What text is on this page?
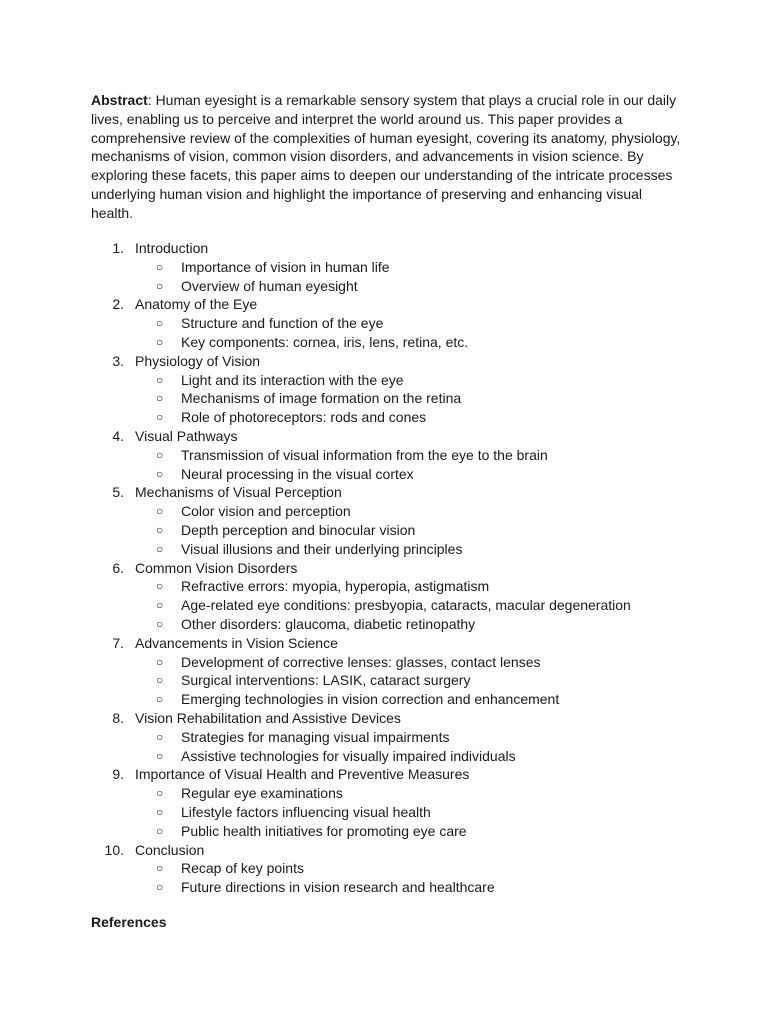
Abstract: Human eyesight is a remarkable sensory system that plays a crucial role in our daily lives, enabling us to perceive and interpret the world around us. This paper provides a comprehensive review of the complexities of human eyesight, covering its anatomy, physiology, mechanisms of vision, common vision disorders, and advancements in vision science. By exploring these facets, this paper aims to deepen our understanding of the intricate processes underlying human vision and highlight the importance of preserving and enhancing visual health.

1. Introduction
○ Importance of vision in human life
○ Overview of human eyesight
2. Anatomy of the Eye
○ Structure and function of the eye
○ Key components: cornea, iris, lens, retina, etc.
3. Physiology of Vision
○ Light and its interaction with the eye
○ Mechanisms of image formation on the retina
○ Role of photoreceptors: rods and cones
4. Visual Pathways
○ Transmission of visual information from the eye to the brain
○ Neural processing in the visual cortex
5. Mechanisms of Visual Perception
○ Color vision and perception
○ Depth perception and binocular vision
○ Visual illusions and their underlying principles
6. Common Vision Disorders
○ Refractive errors: myopia, hyperopia, astigmatism
○ Age-related eye conditions: presbyopia, cataracts, macular degeneration
○ Other disorders: glaucoma, diabetic retinopathy
7. Advancements in Vision Science
○ Development of corrective lenses: glasses, contact lenses
○ Surgical interventions: LASIK, cataract surgery
○ Emerging technologies in vision correction and enhancement
8. Vision Rehabilitation and Assistive Devices
○ Strategies for managing visual impairments
○ Assistive technologies for visually impaired individuals
9. Importance of Visual Health and Preventive Measures
○ Regular eye examinations
○ Lifestyle factors influencing visual health
○ Public health initiatives for promoting eye care
10. Conclusion
○ Recap of key points
○ Future directions in vision research and healthcare
References
